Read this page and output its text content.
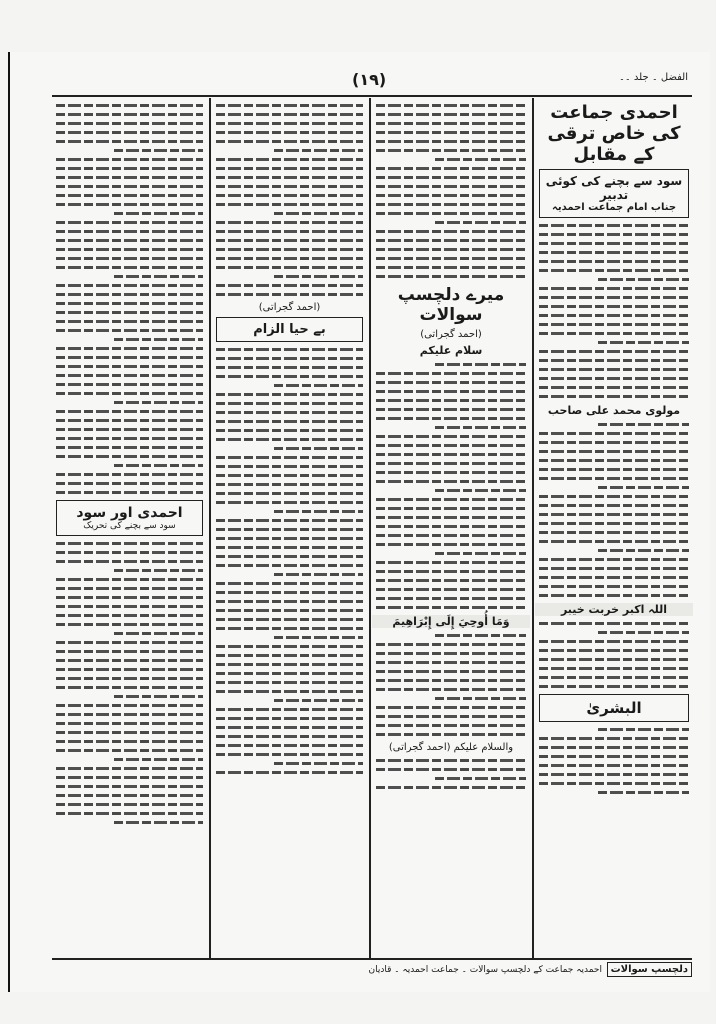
(١٩)	الفضل ۔ جلد ۔۔
احمدی جماعت کی خاص ترقی کے مقابل
سود سے بچنے کی کوئی تدبیر
جناب امام جماعت احمدیہ
مولوی محمد علی صاحب
اللہ اکبر خربت خیبر
البشریٰ
میرے دلچسپ سوالات
(احمد گجراتی)
سلام علیکم
وَمَا أُوحِيَ إِلَى إِبْرَاهِيمَ
والسلام علیکم (احمد گجراتی)
(احمد گجراتی)
بے حیا الزام
احمدی اور سود
سود سے بچنے کی تحریک
دلچسپ سوالات
احمدیہ جماعت کے دلچسپ سوالات ۔ جماعت احمدیہ ۔ قادیان
